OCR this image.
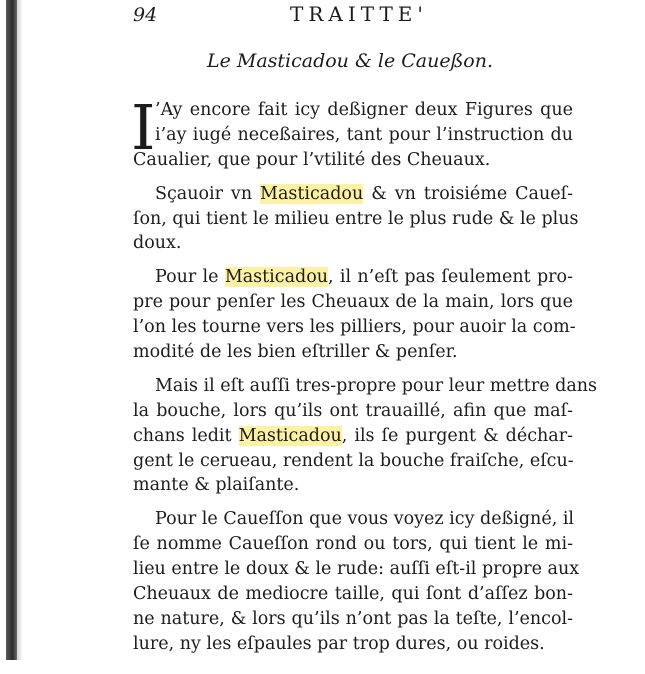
94	TRAITTE'
Le Masticadou & le Caueßon.
I ’Ay encore fait icy deßigner deux Figures que
i’ay iugé neceßaires, tant pour l’instruction du
Caualier, que pour l’vtilité des Cheuaux.
Sçauoir vn Masticadou & vn troisiéme Caueſ-
ſon, qui tient le milieu entre le plus rude & le plus
doux.
Pour le Masticadou, il n’eſt pas ſeulement pro-
pre pour penſer les Cheuaux de la main, lors que
l’on les tourne vers les pilliers, pour auoir la com-
modité de les bien eſtriller & penſer.
Mais il eſt auſſi tres-propre pour leur mettre dans
la bouche, lors qu’ils ont trauaillé, afin que maſ-
chans ledit Masticadou, ils ſe purgent & déchar-
gent le cerueau, rendent la bouche fraiſche, eſcu-
mante & plaiſante.
Pour le Caueſſon que vous voyez icy deßigné, il
ſe nomme Caueſſon rond ou tors, qui tient le mi-
lieu entre le doux & le rude: auſſi eſt-il propre aux
Cheuaux de mediocre taille, qui ſont d’aſſez bon-
ne nature, & lors qu’ils n’ont pas la teſte, l’encol-
lure, ny les eſpaules par trop dures, ou roides.
